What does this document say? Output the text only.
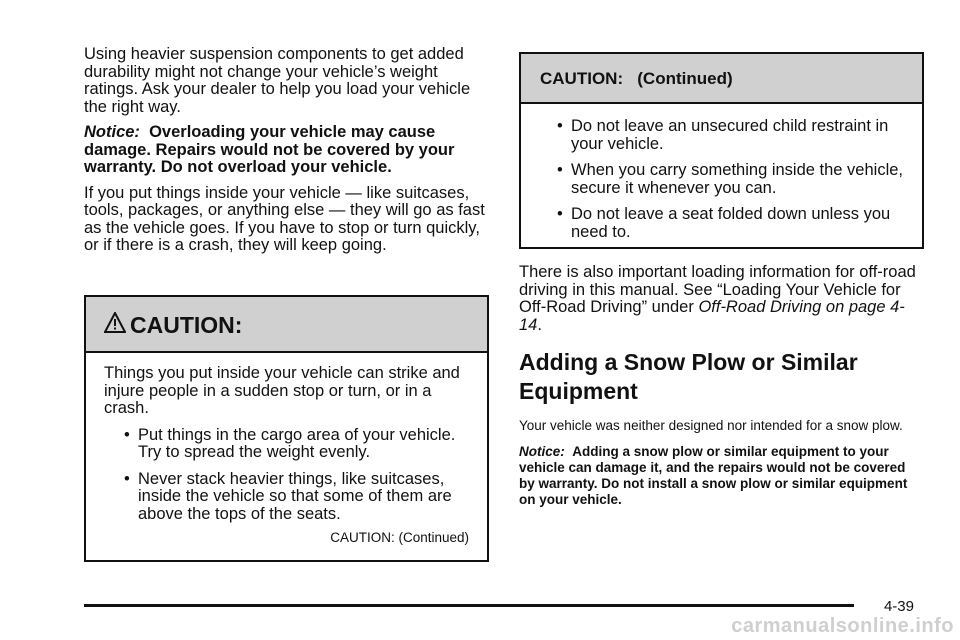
Using heavier suspension components to get added durability might not change your vehicle’s weight ratings. Ask your dealer to help you load your vehicle the right way.

Notice: Overloading your vehicle may cause damage. Repairs would not be covered by your warranty. Do not overload your vehicle.

If you put things inside your vehicle — like suitcases, tools, packages, or anything else — they will go as fast as the vehicle goes. If you have to stop or turn quickly, or if there is a crash, they will keep going.

CAUTION:

Things you put inside your vehicle can strike and injure people in a sudden stop or turn, or in a crash.

• Put things in the cargo area of your vehicle. Try to spread the weight evenly.
• Never stack heavier things, like suitcases, inside the vehicle so that some of them are above the tops of the seats.
CAUTION: (Continued)
CAUTION:   (Continued)
• Do not leave an unsecured child restraint in your vehicle.
• When you carry something inside the vehicle, secure it whenever you can.
• Do not leave a seat folded down unless you need to.

There is also important loading information for off-road driving in this manual. See “Loading Your Vehicle for Off-Road Driving” under Off-Road Driving on page 4-14.

Adding a Snow Plow or Similar Equipment

Your vehicle was neither designed nor intended for a snow plow.

Notice: Adding a snow plow or similar equipment to your vehicle can damage it, and the repairs would not be covered by warranty. Do not install a snow plow or similar equipment on your vehicle.

4-39
carmanualsonline.info
